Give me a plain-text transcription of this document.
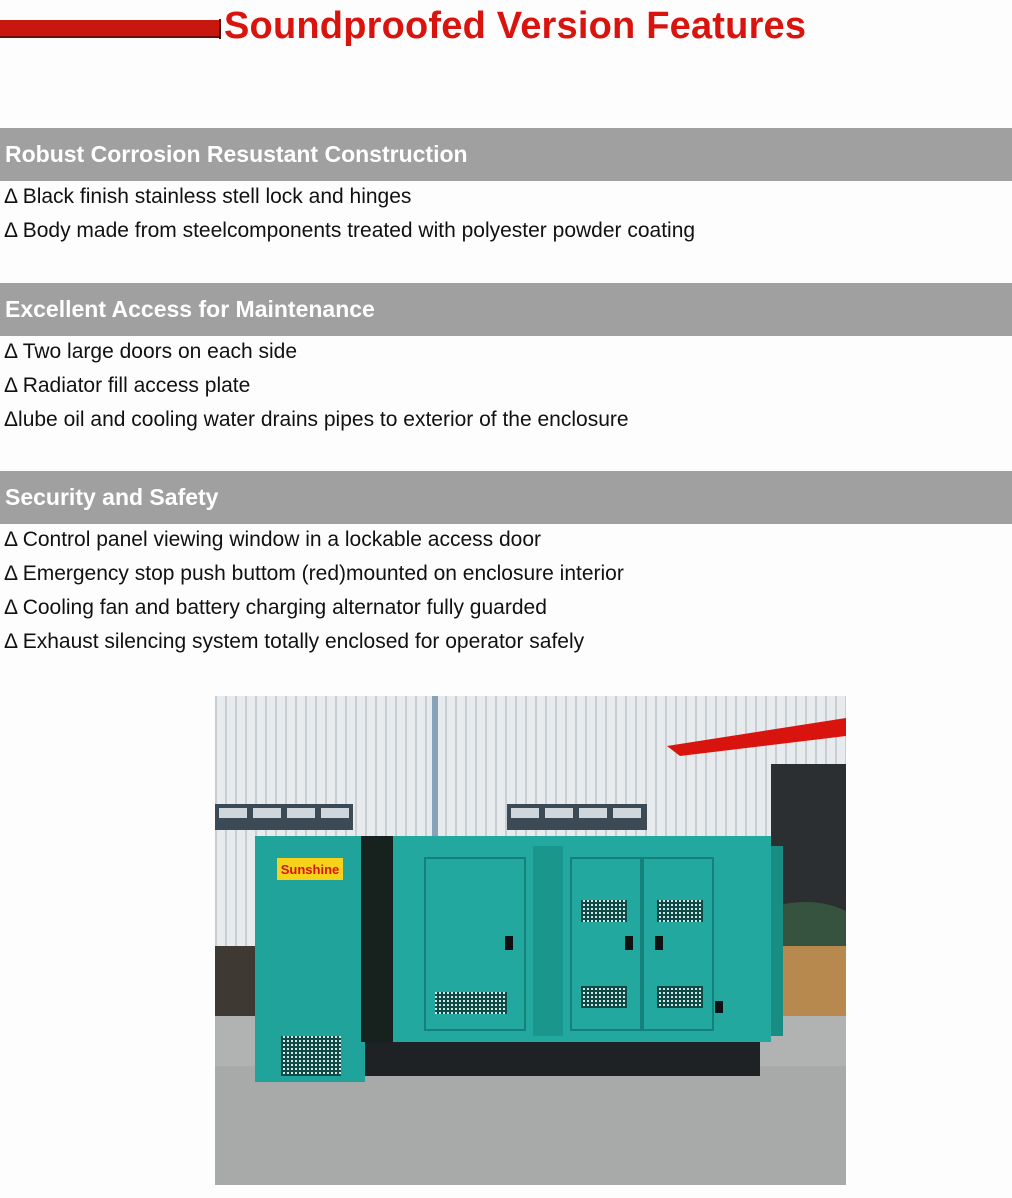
Soundproofed Version Features
Robust Corrosion Resustant Construction
Δ Black finish stainless stell lock and hinges
Δ Body made from steelcomponents treated with polyester powder coating
Excellent Access for Maintenance
Δ Two large doors on each side
Δ Radiator fill access plate
Δlube oil and cooling water drains pipes to exterior of the enclosure
Security and Safety
Δ Control panel viewing window in a lockable access door
Δ Emergency stop push buttom (red)mounted on enclosure interior
Δ Cooling fan and battery charging alternator fully guarded
Δ Exhaust silencing system totally enclosed for operator safely
Sunshine
